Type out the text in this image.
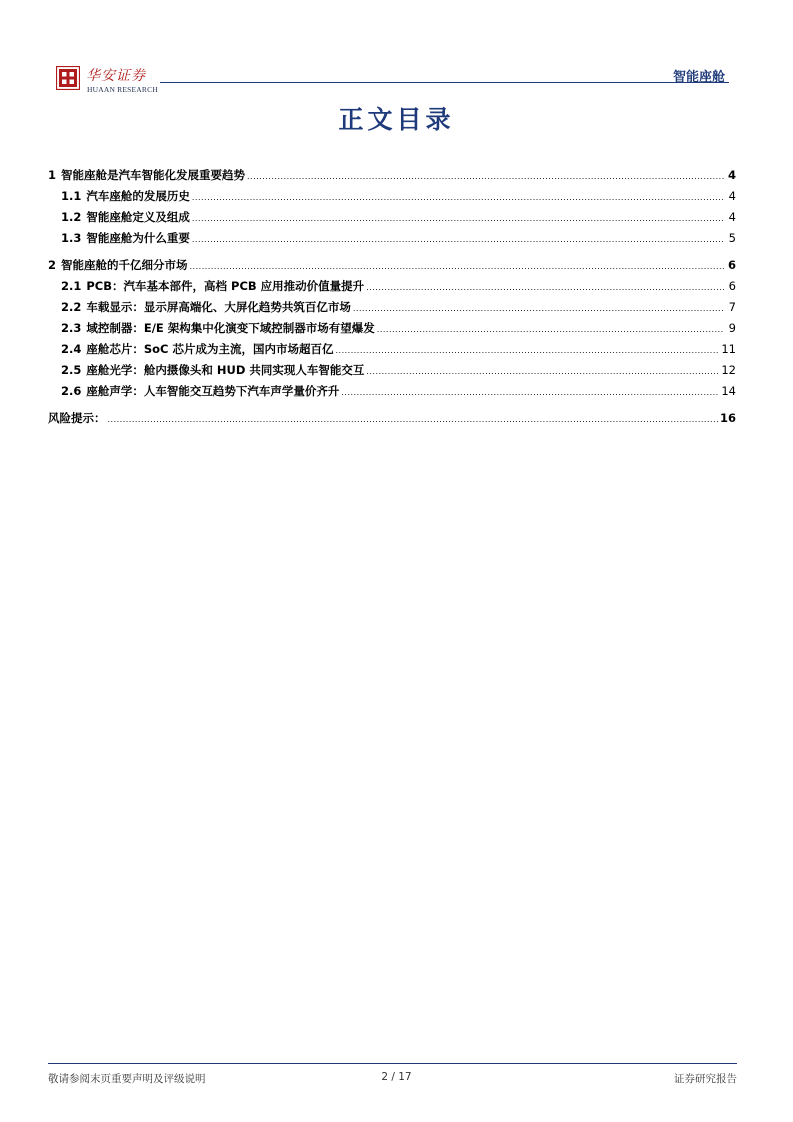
华安证券
HUAAN RESEARCH
智能座舱
正文目录
1 智能座舱是汽车智能化发展重要趋势 .....	4
1.1 汽车座舱的发展历史 .....	4
1.2 智能座舱定义及组成 .....	4
1.3 智能座舱为什么重要 .....	5
2 智能座舱的千亿细分市场 .....	6
2.1 PCB：汽车基本部件，高档 PCB 应用推动价值量提升 .....	6
2.2 车载显示：显示屏高端化、大屏化趋势共筑百亿市场 .....	7
2.3 域控制器：E/E 架构集中化演变下域控制器市场有望爆发 .....	9
2.4 座舱芯片：SoC 芯片成为主流，国内市场超百亿 .....	11
2.5 座舱光学：舱内摄像头和 HUD 共同实现人车智能交互 .....	12
2.6 座舱声学：人车智能交互趋势下汽车声学量价齐升 .....	14
风险提示： .....	16
敬请参阅末页重要声明及评级说明	2 / 17	证券研究报告
